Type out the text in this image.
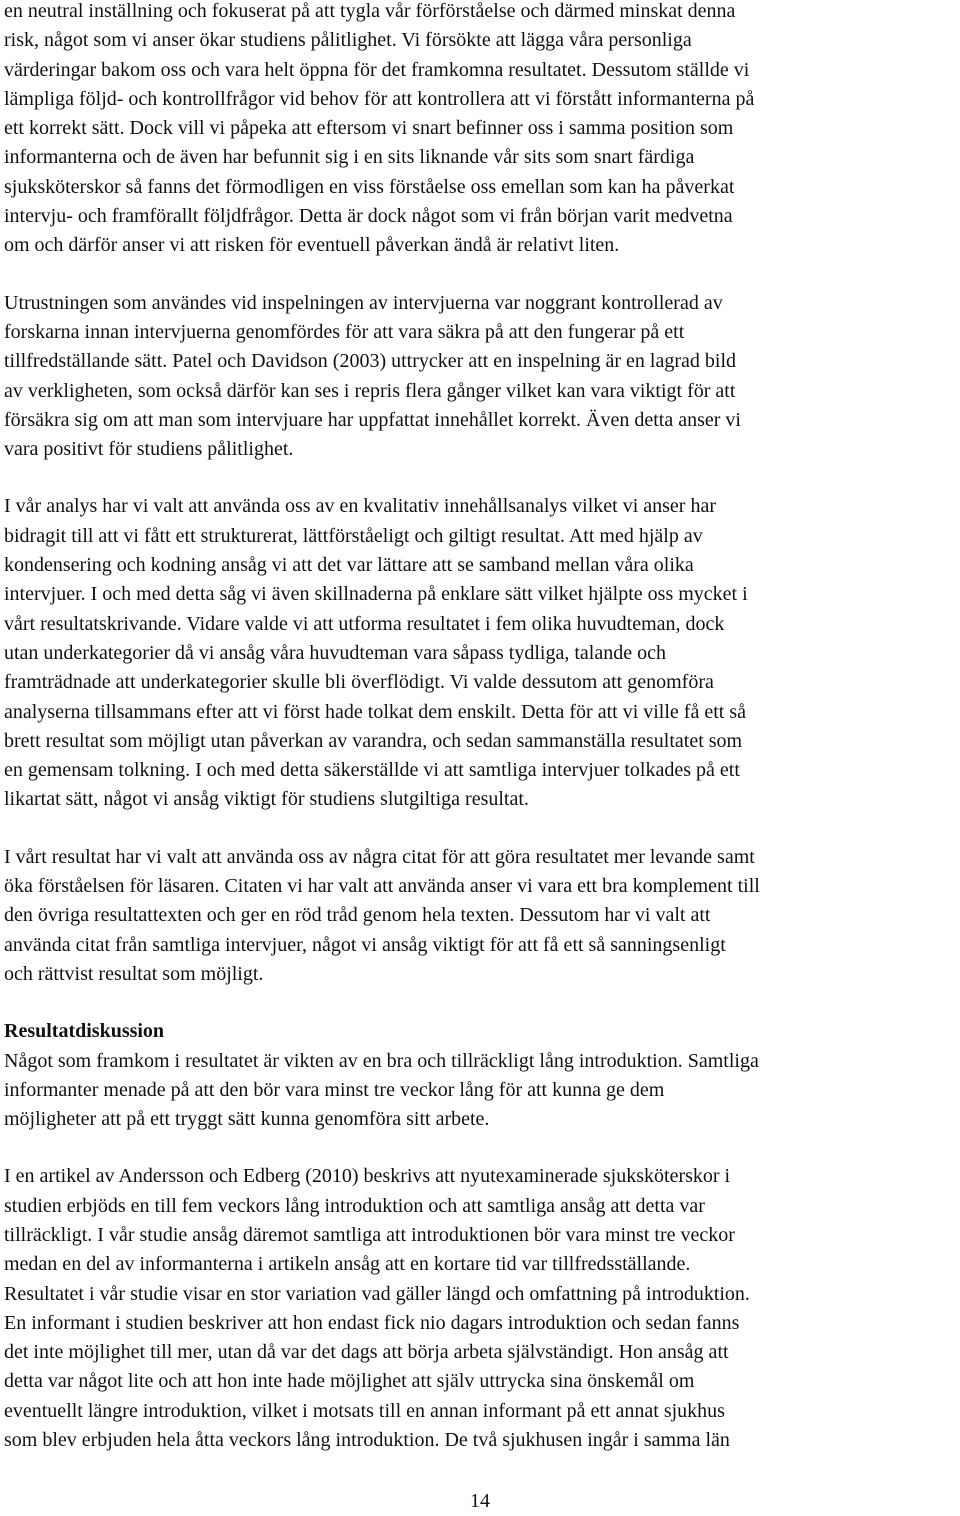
en neutral inställning och fokuserat på att tygla vår förförståelse och därmed minskat denna
risk, något som vi anser ökar studiens pålitlighet. Vi försökte att lägga våra personliga
värderingar bakom oss och vara helt öppna för det framkomna resultatet. Dessutom ställde vi
lämpliga följd- och kontrollfrågor vid behov för att kontrollera att vi förstått informanterna på
ett korrekt sätt. Dock vill vi påpeka att eftersom vi snart befinner oss i samma position som
informanterna och de även har befunnit sig i en sits liknande vår sits som snart färdiga
sjuksköterskor så fanns det förmodligen en viss förståelse oss emellan som kan ha påverkat
intervju- och framförallt följdfrågor. Detta är dock något som vi från början varit medvetna
om och därför anser vi att risken för eventuell påverkan ändå är relativt liten.
Utrustningen som användes vid inspelningen av intervjuerna var noggrant kontrollerad av
forskarna innan intervjuerna genomfördes för att vara säkra på att den fungerar på ett
tillfredställande sätt. Patel och Davidson (2003) uttrycker att en inspelning är en lagrad bild
av verkligheten, som också därför kan ses i repris flera gånger vilket kan vara viktigt för att
försäkra sig om att man som intervjuare har uppfattat innehållet korrekt. Även detta anser vi
vara positivt för studiens pålitlighet.
I vår analys har vi valt att använda oss av en kvalitativ innehållsanalys vilket vi anser har
bidragit till att vi fått ett strukturerat, lättförståeligt och giltigt resultat. Att med hjälp av
kondensering och kodning ansåg vi att det var lättare att se samband mellan våra olika
intervjuer. I och med detta såg vi även skillnaderna på enklare sätt vilket hjälpte oss mycket i
vårt resultatskrivande. Vidare valde vi att utforma resultatet i fem olika huvudteman, dock
utan underkategorier då vi ansåg våra huvudteman vara såpass tydliga, talande och
framträdnade att underkategorier skulle bli överflödigt. Vi valde dessutom att genomföra
analyserna tillsammans efter att vi först hade tolkat dem enskilt. Detta för att vi ville få ett så
brett resultat som möjligt utan påverkan av varandra, och sedan sammanställa resultatet som
en gemensam tolkning. I och med detta säkerställde vi att samtliga intervjuer tolkades på ett
likartat sätt, något vi ansåg viktigt för studiens slutgiltiga resultat.
I vårt resultat har vi valt att använda oss av några citat för att göra resultatet mer levande samt
öka förståelsen för läsaren. Citaten vi har valt att använda anser vi vara ett bra komplement till
den övriga resultattexten och ger en röd tråd genom hela texten. Dessutom har vi valt att
använda citat från samtliga intervjuer, något vi ansåg viktigt för att få ett så sanningsenligt
och rättvist resultat som möjligt.
Resultatdiskussion
Något som framkom i resultatet är vikten av en bra och tillräckligt lång introduktion. Samtliga
informanter menade på att den bör vara minst tre veckor lång för att kunna ge dem
möjligheter att på ett tryggt sätt kunna genomföra sitt arbete.
I en artikel av Andersson och Edberg (2010) beskrivs att nyutexaminerade sjuksköterskor i
studien erbjöds en till fem veckors lång introduktion och att samtliga ansåg att detta var
tillräckligt. I vår studie ansåg däremot samtliga att introduktionen bör vara minst tre veckor
medan en del av informanterna i artikeln ansåg att en kortare tid var tillfredsställande.
Resultatet i vår studie visar en stor variation vad gäller längd och omfattning på introduktion.
En informant i studien beskriver att hon endast fick nio dagars introduktion och sedan fanns
det inte möjlighet till mer, utan då var det dags att börja arbeta självständigt. Hon ansåg att
detta var något lite och att hon inte hade möjlighet att själv uttrycka sina önskemål om
eventuellt längre introduktion, vilket i motsats till en annan informant på ett annat sjukhus
som blev erbjuden hela åtta veckors lång introduktion. De två sjukhusen ingår i samma län
14
